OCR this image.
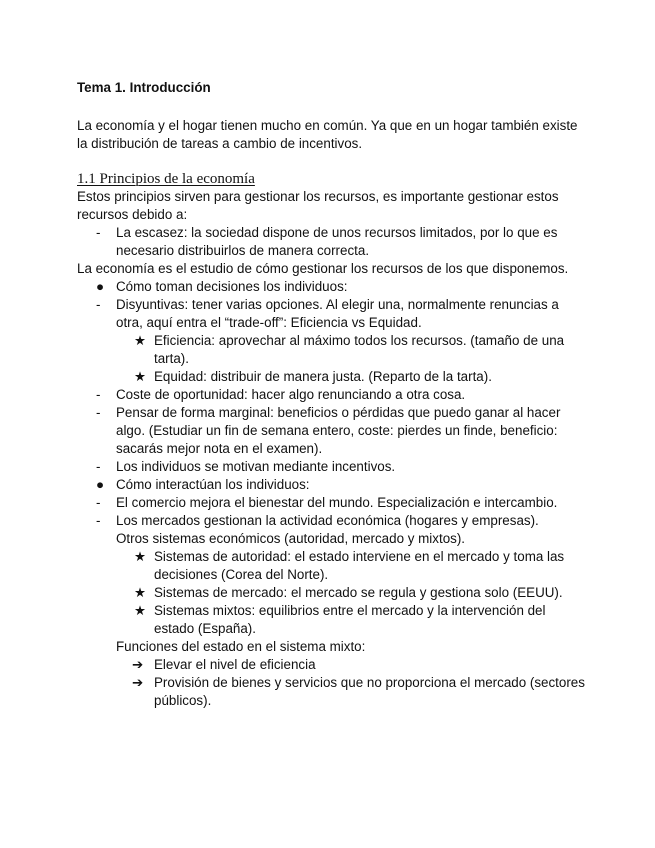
Tema 1. Introducción
La economía y el hogar tienen mucho en común. Ya que en un hogar también existe la distribución de tareas a cambio de incentivos.
1.1 Principios de la economía
Estos principios sirven para gestionar los recursos, es importante gestionar estos recursos debido a:
-	La escasez: la sociedad dispone de unos recursos limitados, por lo que es necesario distribuirlos de manera correcta.
La economía es el estudio de cómo gestionar los recursos de los que disponemos.
● Cómo toman decisiones los individuos:
-	Disyuntivas: tener varias opciones. Al elegir una, normalmente renuncias a otra, aquí entra el “trade-off”: Eficiencia vs Equidad.
★ Eficiencia: aprovechar al máximo todos los recursos. (tamaño de una tarta).
★ Equidad: distribuir de manera justa. (Reparto de la tarta).
-	Coste de oportunidad: hacer algo renunciando a otra cosa.
-	Pensar de forma marginal: beneficios o pérdidas que puedo ganar al hacer algo. (Estudiar un fin de semana entero, coste: pierdes un finde, beneficio: sacarás mejor nota en el examen).
-	Los individuos se motivan mediante incentivos.
● Cómo interactúan los individuos:
-	El comercio mejora el bienestar del mundo. Especialización e intercambio.
-	Los mercados gestionan la actividad económica (hogares y empresas).
Otros sistemas económicos (autoridad, mercado y mixtos).
★ Sistemas de autoridad: el estado interviene en el mercado y toma las decisiones (Corea del Norte).
★ Sistemas de mercado: el mercado se regula y gestiona solo (EEUU).
★ Sistemas mixtos: equilibrios entre el mercado y la intervención del estado (España).
Funciones del estado en el sistema mixto:
➔ Elevar el nivel de eficiencia
➔ Provisión de bienes y servicios que no proporciona el mercado (sectores públicos).
